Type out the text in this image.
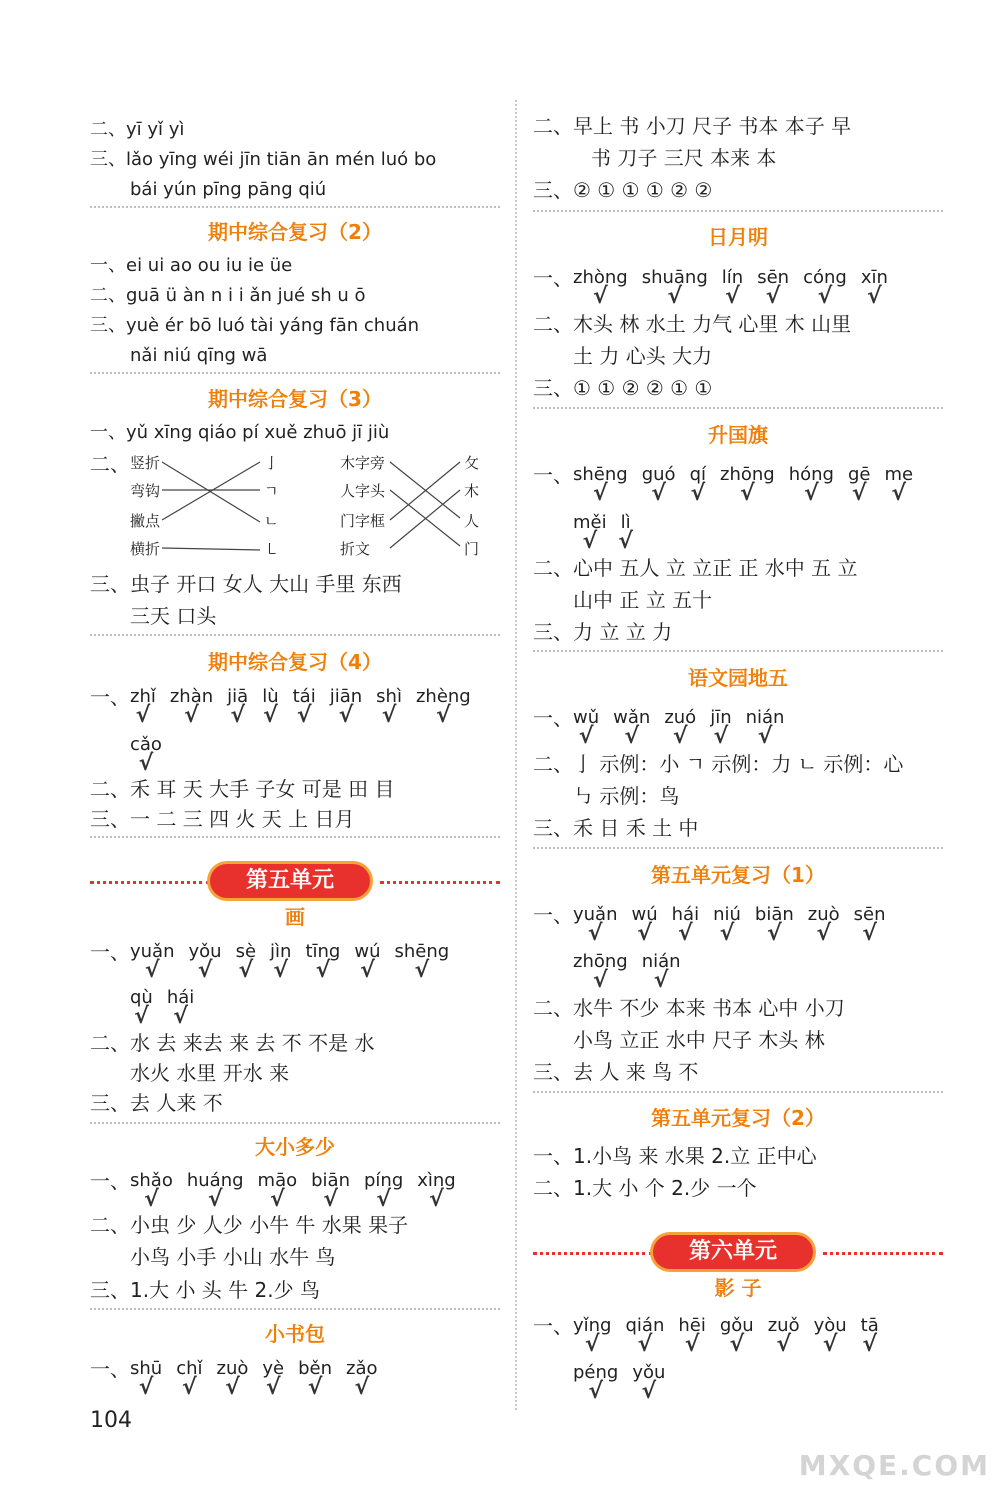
二、yī yǐ yì
三、lǎo yīng wéi jīn tiān ān mén luó bo
bái yún pīng pāng qiú
期中综合复习（2）
一、ei ui ao ou iu ie üe
二、guā ü àn n i i ǎn jué sh u ō
三、yuè ér bō luó tài yáng fān chuán
nǎi niú qīng wā
期中综合复习（3）
一、yǔ xīng qiáo pí xuě zhuō jī jiù
二、 竖折
弯钩
撇点
横折
亅
ㄱ
ㄴ
㇄
木字旁
人字头
门字框
折文
攵
木
人
门
三、虫子 开口 女人 大山 手里 东西
三天 口头
期中综合复习（4）
一、 zhǐ
√
zhàn
√
jiā
√
lù
√
tái
√
jiān
√
shì
√
zhèng
√
cǎo
√
二、禾 耳 天 大手 子女 可是 田 目
三、一 二 三 四 火 天 上 日月
第五单元
画
一、 yuǎn
√
yǒu
√
sè
√
jìn
√
tīng
√
wú
√
shēng
√
qù
√
hái
√
二、水 去 来去 来 去 不 不是 水
水火 水里 开水 来
三、去 人来 不
大小多少
一、 shǎo
√
huáng
√
māo
√
biān
√
píng
√
xìng
√
二、小虫 少 人少 小牛 牛 水果 果子
小鸟 小手 小山 水牛 鸟
三、1.大 小 头 牛 2.少 鸟
小书包
一、 shū
√
chǐ
√
zuò
√
yè
√
běn
√
zǎo
√
二、早上 书 小刀 尺子 书本 本子 早
书 刀子 三尺 本来 本
三、② ① ① ① ② ②
日月明
一、 zhòng
√
shuāng
√
lín
√
sēn
√
cóng
√
xīn
√
二、木头 林 水土 力气 心里 木 山里
土 力 心头 大力
三、① ① ② ② ① ①
升国旗
一、 shēng
√
guó
√
qí
√
zhōng
√
hóng
√
gē
√
me
√
měi
√
lì
√
二、心中 五人 立 立正 正 水中 五 立
山中 正 立 五十
三、力 立 立 力
语文园地五
一、 wǔ
√
wǎn
√
zuó
√
jīn
√
nián
√
二、亅 示例：小 ㄱ 示例：力 ㄴ 示例：心
㇉ 示例：鸟
三、禾 日 禾 土 中
第五单元复习（1）
一、 yuǎn
√
wú
√
hái
√
niú
√
biān
√
zuò
√
sēn
√
zhōng
√
nián
√
二、水牛 不少 本来 书本 心中 小刀
小鸟 立正 水中 尺子 木头 林
三、去 人 来 鸟 不
第五单元复习（2）
一、1.小鸟 来 水果 2.立 正中心
二、1.大 小 个 2.少 一个
第六单元
影 子
一、 yǐng
√
qián
√
hēi
√
gǒu
√
zuǒ
√
yòu
√
tā
√
péng
√
yǒu
√
104
MXQE.COM
